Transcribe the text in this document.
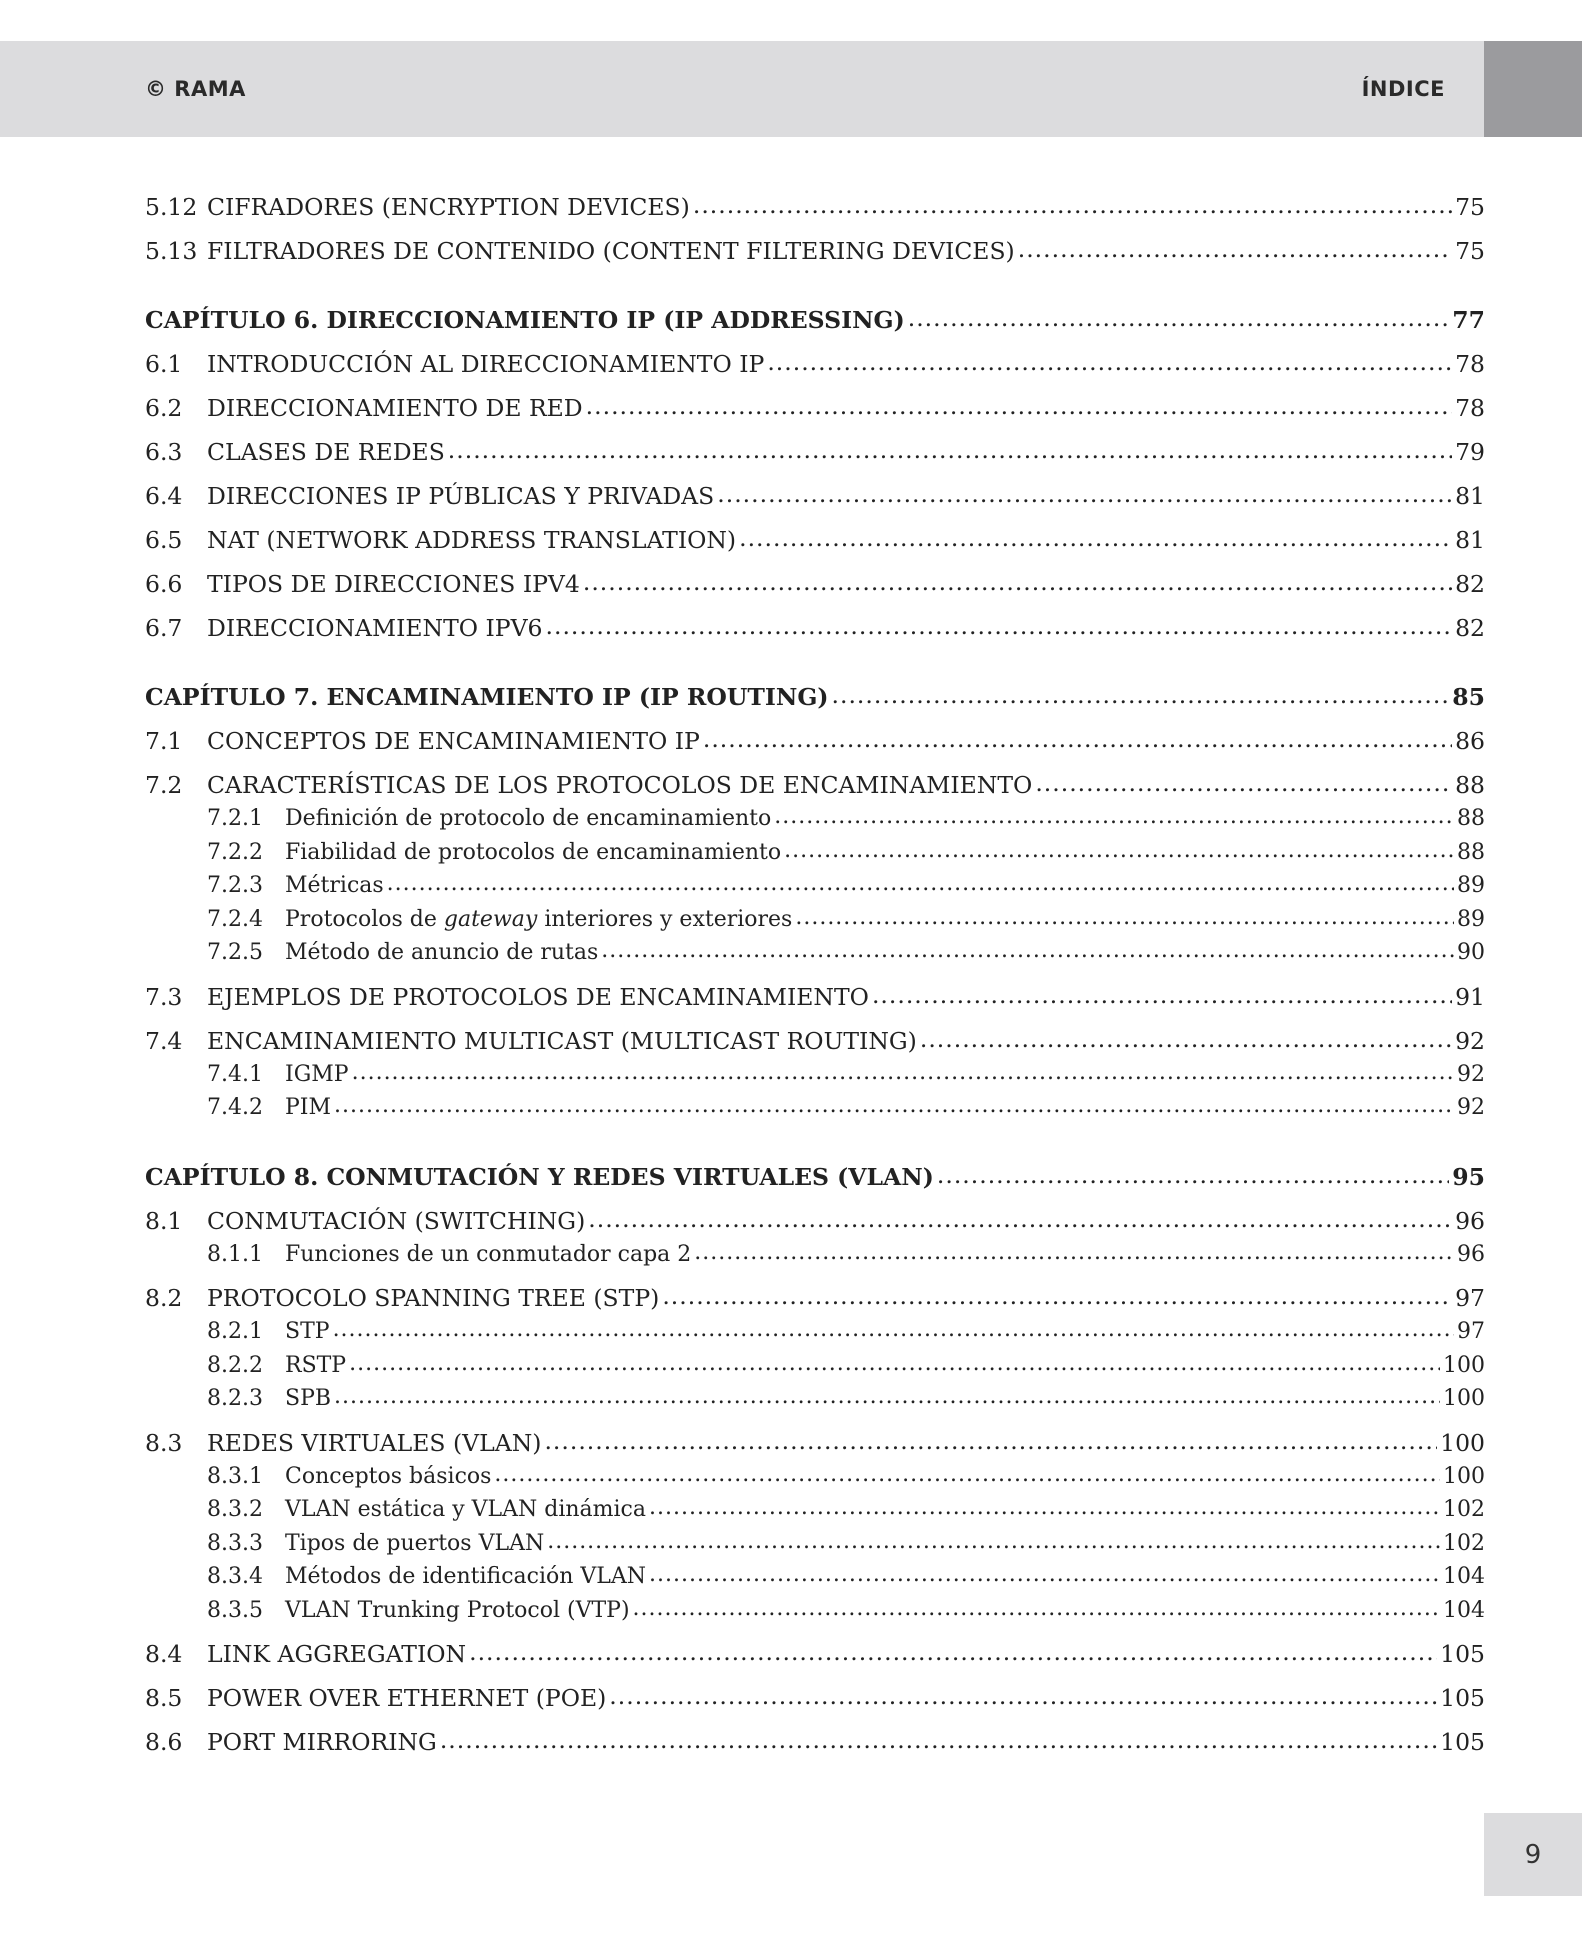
© RAMA	ÍNDICE
5.12 CIFRADORES (ENCRYPTION DEVICES) .....	75
5.13 FILTRADORES DE CONTENIDO (CONTENT FILTERING DEVICES) .....	75
CAPÍTULO 6. DIRECCIONAMIENTO IP (IP ADDRESSING) .....	77
6.1	INTRODUCCIÓN AL DIRECCIONAMIENTO IP .....	78
6.2	DIRECCIONAMIENTO DE RED .....	78
6.3	CLASES DE REDES .....	79
6.4	DIRECCIONES IP PÚBLICAS Y PRIVADAS .....	81
6.5	NAT (NETWORK ADDRESS TRANSLATION) .....	81
6.6	TIPOS DE DIRECCIONES IPV4 .....	82
6.7	DIRECCIONAMIENTO IPV6 .....	82
CAPÍTULO 7. ENCAMINAMIENTO IP (IP ROUTING) .....	85
7.1	CONCEPTOS DE ENCAMINAMIENTO IP .....	86
7.2	CARACTERÍSTICAS DE LOS PROTOCOLOS DE ENCAMINAMIENTO .....	88
7.2.1	Definición de protocolo de encaminamiento .....	88
7.2.2	Fiabilidad de protocolos de encaminamiento .....	88
7.2.3	Métricas .....	89
7.2.4	Protocolos de gateway interiores y exteriores .....	89
7.2.5	Método de anuncio de rutas .....	90
7.3	EJEMPLOS DE PROTOCOLOS DE ENCAMINAMIENTO .....	91
7.4	ENCAMINAMIENTO MULTICAST (MULTICAST ROUTING) .....	92
7.4.1	IGMP .....	92
7.4.2	PIM .....	92
CAPÍTULO 8. CONMUTACIÓN Y REDES VIRTUALES (VLAN) .....	95
8.1	CONMUTACIÓN (SWITCHING) .....	96
8.1.1	Funciones de un conmutador capa 2 .....	96
8.2	PROTOCOLO SPANNING TREE (STP) .....	97
8.2.1	STP .....	97
8.2.2	RSTP .....	100
8.2.3	SPB .....	100
8.3	REDES VIRTUALES (VLAN) .....	100
8.3.1	Conceptos básicos .....	100
8.3.2	VLAN estática y VLAN dinámica .....	102
8.3.3	Tipos de puertos VLAN .....	102
8.3.4	Métodos de identificación VLAN .....	104
8.3.5	VLAN Trunking Protocol (VTP) .....	104
8.4	LINK AGGREGATION .....	105
8.5	POWER OVER ETHERNET (POE) .....	105
8.6	PORT MIRRORING .....	105
9
